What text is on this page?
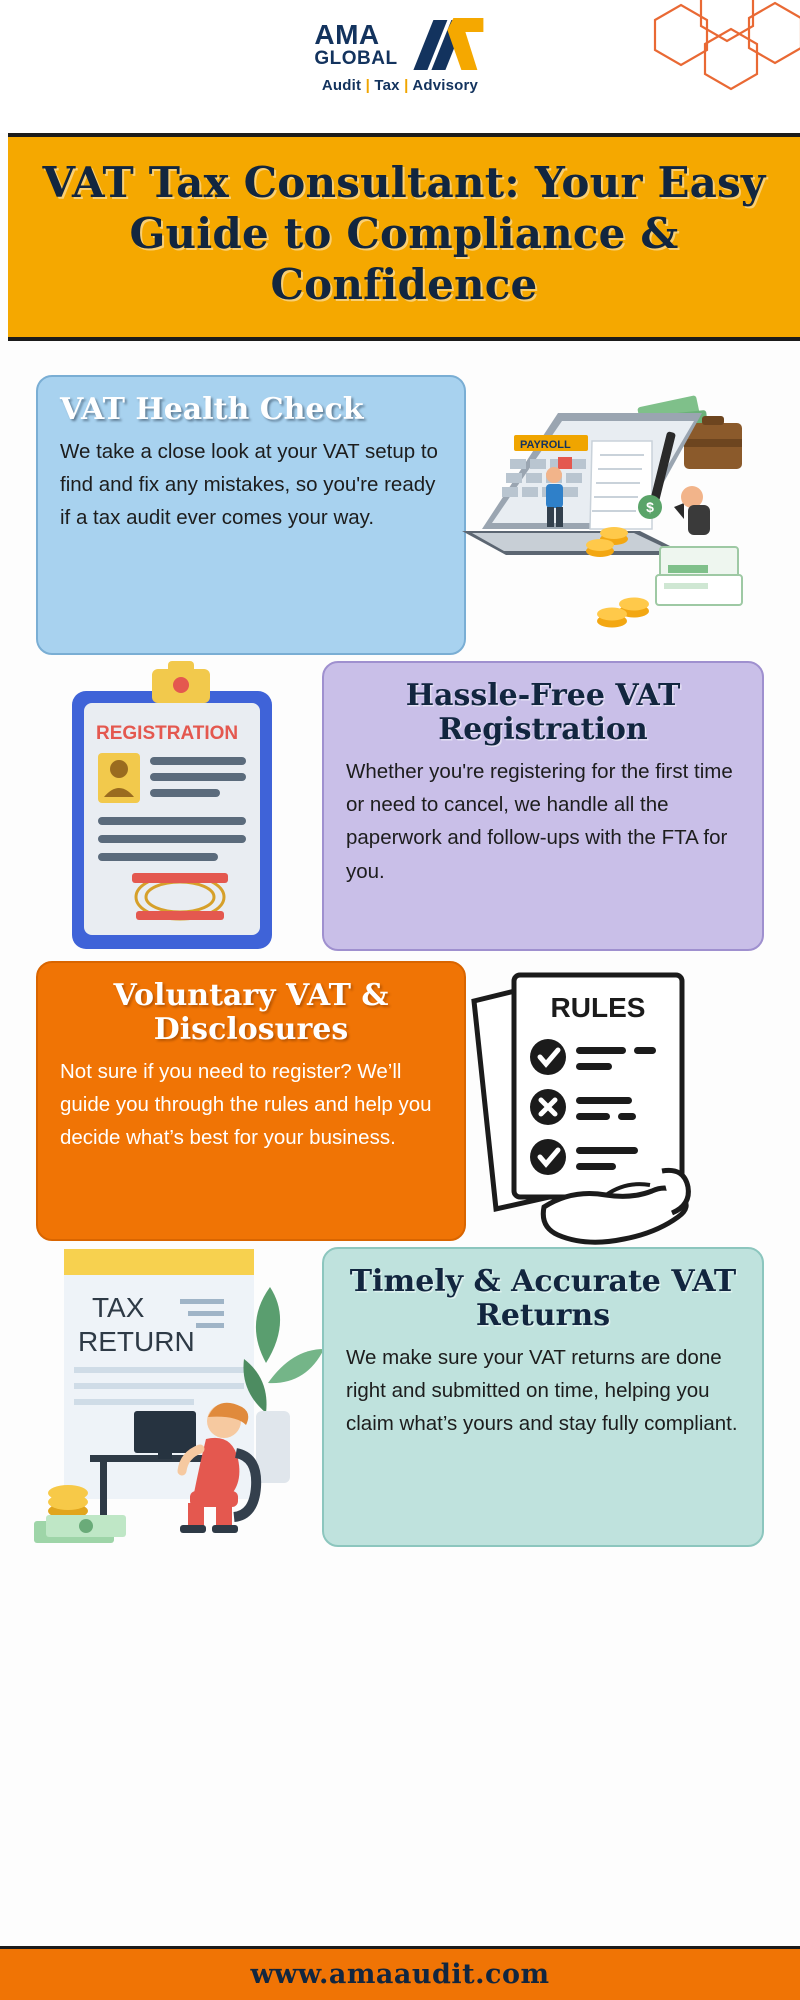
AMA
GLOBAL
Audit | Tax | Advisory
VAT Tax Consultant: Your Easy Guide to Compliance & Confidence
VAT Health Check

We take a close look at your VAT setup to find and fix any mistakes, so you're ready if a tax audit ever comes your way.

PAYROLL
$
REGISTRATION
Hassle-Free VAT Registration

Whether you're registering for the first time or need to cancel, we handle all the paperwork and follow-ups with the FTA for you.

Voluntary VAT & Disclosures

Not sure if you need to register? We’ll guide you through the rules and help you decide what’s best for your business.

RULES
TAX
RETURN
Timely & Accurate VAT Returns

We make sure your VAT returns are done right and submitted on time, helping you claim what’s yours and stay fully compliant.

www.amaaudit.com
